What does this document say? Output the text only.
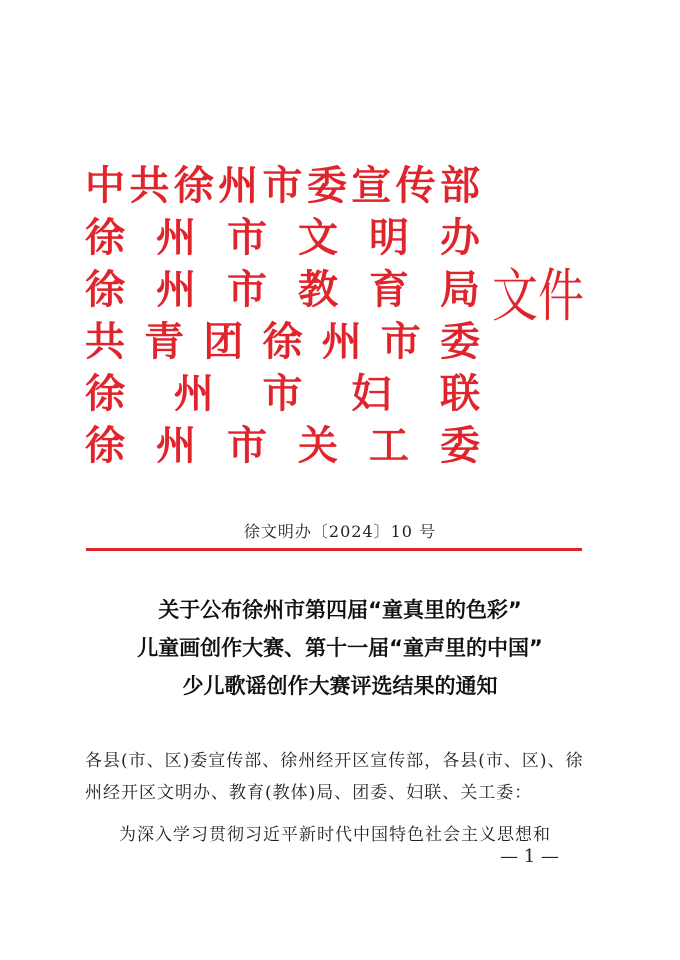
中 共 徐 州 市 委 宣 传 部
徐 州 市 文 明 办
徐 州 市 教 育 局
共 青 团 徐 州 市 委
徐 州 市 妇 联
徐 州 市 关 工 委
文件
徐文明办〔2024〕10 号
关于公布徐州市第四届“童真里的色彩”
儿童画创作大赛、第十一届“童声里的中国”
少儿歌谣创作大赛评选结果的通知
各县(市、区)委宣传部、徐州经开区宣传部，各县(市、区)、徐
州经开区文明办、教育(教体)局、团委、妇联、关工委：
为深入学习贯彻习近平新时代中国特色社会主义思想和
— 1 —
